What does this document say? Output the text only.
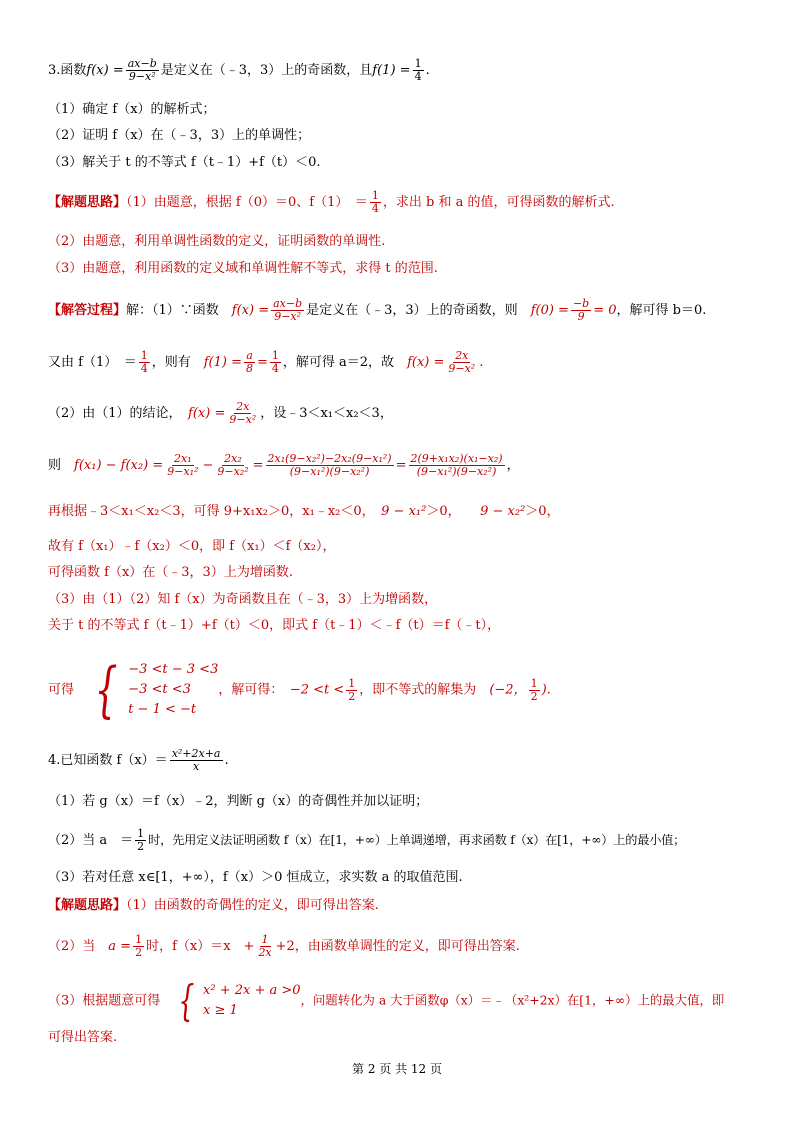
3.函数$f(x) = \frac{ax-b}{\text{9−x²}}$ 是定义在（﹣3，3）上的奇函数，且$f(1) = \frac{1}{4}$ .
（1）确定 f（x）的解析式；
（2）证明 f（x）在（﹣3，3）上的单调性；
（3）解关于 t 的不等式 f（t﹣1）+f（t）＜0.
【解题思路】（1）由题意，根据 f（0）＝0、f（1）　＝ $\frac{1}{4}$ ，求出 b 和 a 的值，可得函数的解析式.
（2）由题意，利用单调性函数的定义，证明函数的单调性.
（3）由题意，利用函数的定义域和单调性解不等式，求得 t 的范围.
【解答过程】解：（1）∵函数　$f(x) = \frac{ax-b}{\text{9−x²}}$ 是定义在（﹣3，3）上的奇函数，则　$f(0) = \frac{-b}{9} = 0$，解可得 b＝0.
又由 f（1）　＝ $\frac{1}{4}$ ，则有　$f(1) = \frac{a}{8} = \frac{1}{4}$ ，解可得 a＝2，故　$f(x) = \frac{2x}{\text{9−x²}}$ .
（2）由（1）的结论，　$f(x) = \frac{2x}{\text{9−x²}}$ ，设﹣3＜x₁＜x₂＜3，
则　$f(x_1) - f(x_2) = \frac{\text{2x₁}}{\text{9−x₁²}} - \frac{\text{2x₂}}{\text{9−x₂²}} = \frac{\text{2x₁(9−x₂²)−2x₂(9−x₁²)}}{\text{(9−x₁²)(9−x₂²)}} = \frac{\text{2(9+x₁x₂)(x₁−x₂)}}{\text{(9−x₁²)(9−x₂²)}}$ ，
再根据﹣3＜x₁＜x₂＜3，可得 9+x₁x₂＞0，x₁﹣x₂＜0，　9 − x₁²＞0，　　9 − x₂²＞0，
故有 f（x₁）﹣f（x₂）＜0，即 f（x₁）＜f（x₂），
可得函数 f（x）在（﹣3，3）上为增函数.
（3）由（1）（2）知 f（x）为奇函数且在（﹣3，3）上为增函数，
关于 t 的不等式 f（t﹣1）+f（t）＜0，即式 f（t﹣1）＜﹣f（t）＝f（﹣t），
可得　 { −3 <t − 3 <3
−3 <t <3
t − 1 < −t
，解可得：　$-2 <t < \frac{1}{2}$ ，即不等式的解集为　(−2， $\frac{1}{2}$ ).
4.已知函数 $f(x)= \frac{\text{x²+2x+a}}{x}$ .
（1）若 g（x）＝f（x）﹣2，判断 g（x）的奇偶性并加以证明；
（2）当 a　＝ $\frac{1}{2}$ 时，先用定义法证明函数 f（x）在[1，+∞）上单调递增，再求函数 f（x）在[1，+∞）上的最小值；
（3）若对任意 x∈[1，+∞），f（x）＞0 恒成立，求实数 a 的取值范围.
【解题思路】（1）由函数的奇偶性的定义，即可得出答案.
（2）当　$a = \frac{1}{2}$ 时，f（x）＝x　+ $\frac{1}{2x} +2$，由函数单调性的定义，即可得出答案.
（3）根据题意可得　 { x² + 2x + a >0
x ≥ 1
，问题转化为 a 大于函数φ（x）＝﹣（x²+2x）在[1，+∞）上的最大值，即
可得出答案.
第 2 页 共 12 页
